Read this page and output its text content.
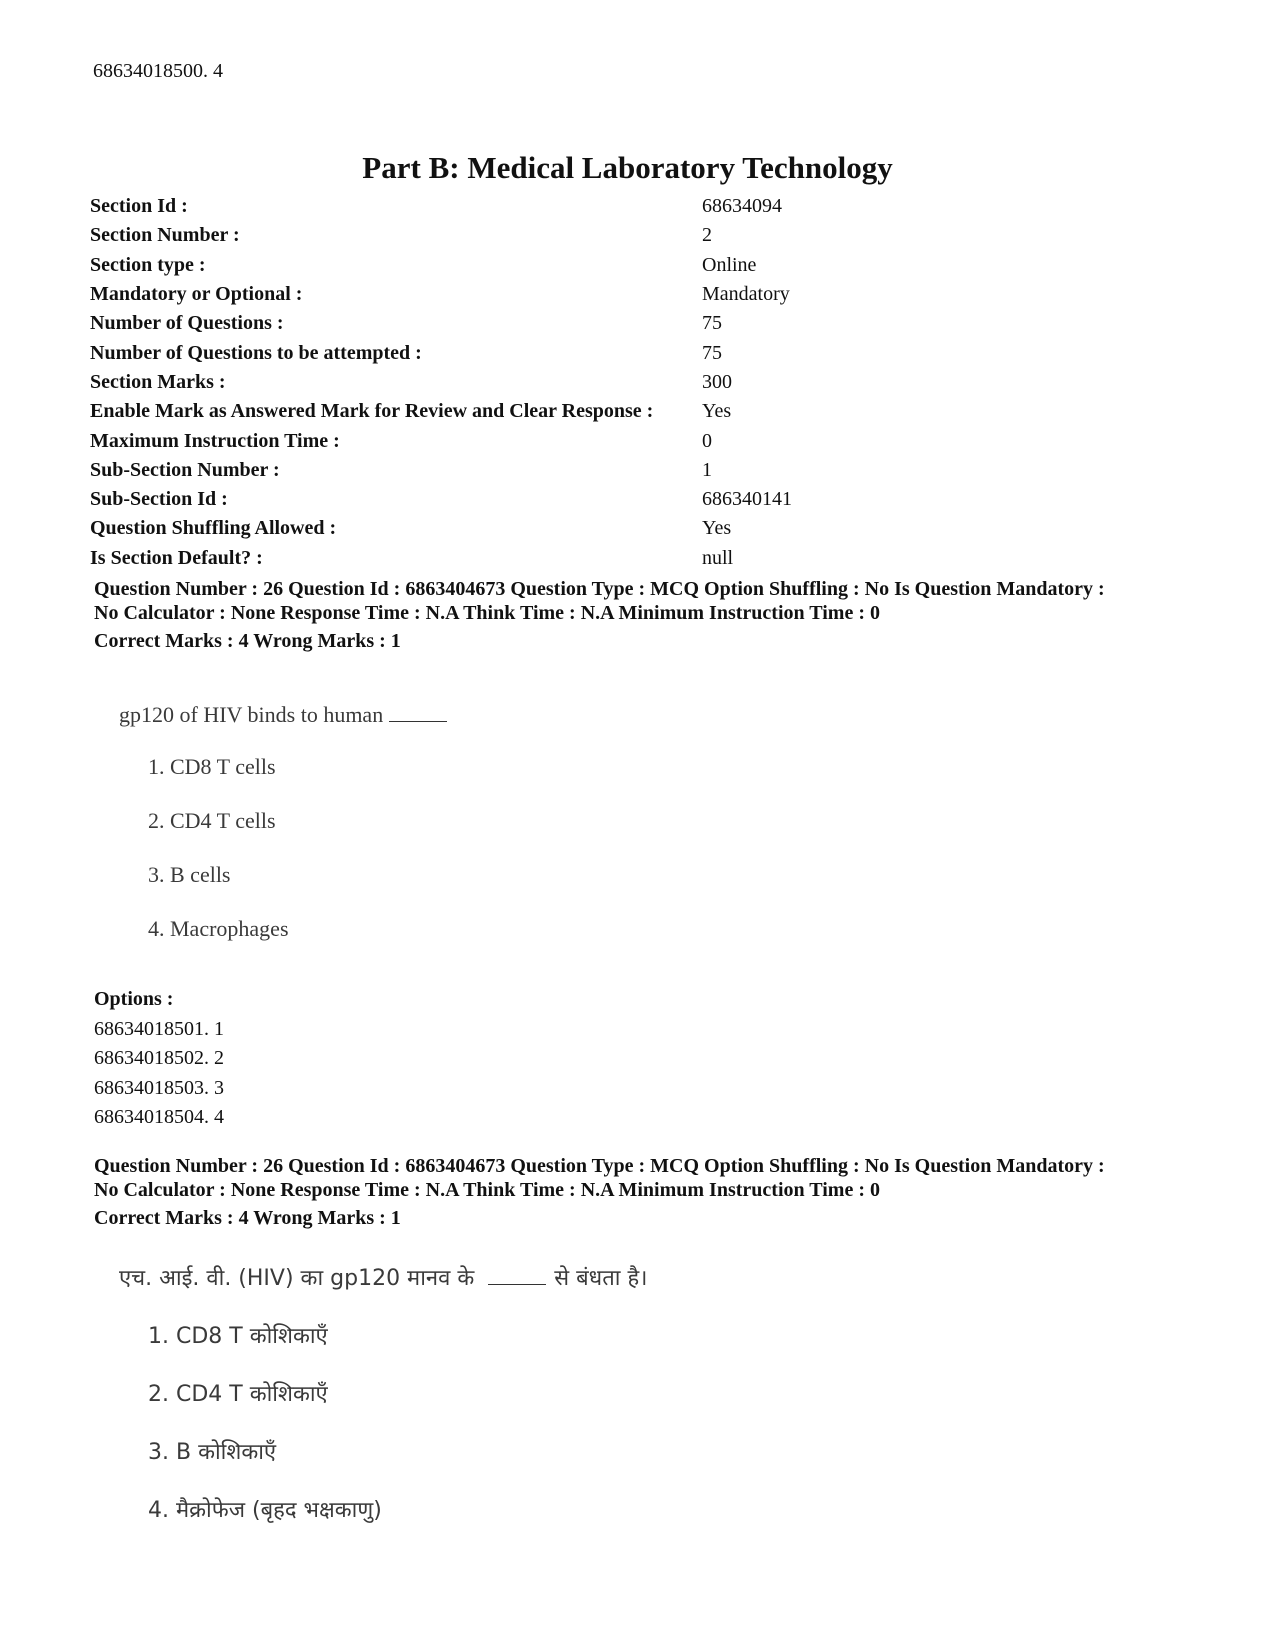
68634018500. 4
Part B: Medical Laboratory Technology
Section Id :	68634094
Section Number :	2
Section type :	Online
Mandatory or Optional :	Mandatory
Number of Questions :	75
Number of Questions to be attempted :	75
Section Marks :	300
Enable Mark as Answered Mark for Review and Clear Response :	Yes
Maximum Instruction Time :	0
Sub-Section Number :	1
Sub-Section Id :	686340141
Question Shuffling Allowed :	Yes
Is Section Default? :	null
Question Number : 26 Question Id : 6863404673 Question Type : MCQ Option Shuffling : No Is Question Mandatory :
No Calculator : None Response Time : N.A Think Time : N.A Minimum Instruction Time : 0
Correct Marks : 4 Wrong Marks : 1
gp120 of HIV binds to human
1. CD8 T cells
2. CD4 T cells
3. B cells
4. Macrophages
Options :
68634018501. 1
68634018502. 2
68634018503. 3
68634018504. 4
Question Number : 26 Question Id : 6863404673 Question Type : MCQ Option Shuffling : No Is Question Mandatory :
No Calculator : None Response Time : N.A Think Time : N.A Minimum Instruction Time : 0
Correct Marks : 4 Wrong Marks : 1
एच. आई. वी. (HIV) का gp120 मानव के	से बंधता है।
1. CD8 T कोशिकाएँ
2. CD4 T कोशिकाएँ
3. B कोशिकाएँ
4. मैक्रोफेज (बृहद भक्षकाणु)
